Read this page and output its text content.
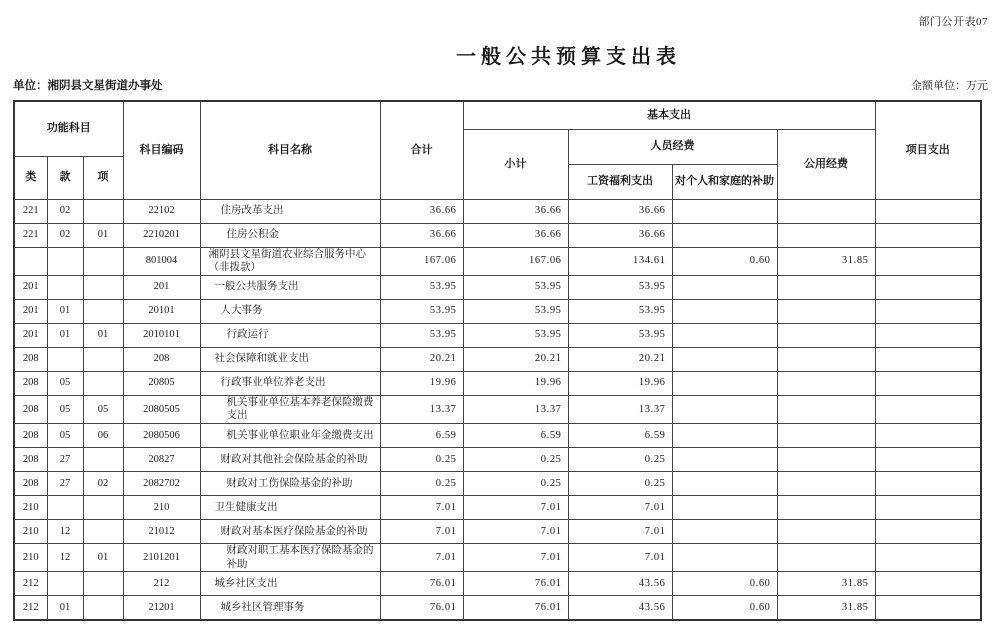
部门公开表07
一般公共预算支出表
单位：湘阴县文星街道办事处	金额单位：万元
功能科目			科目编码	科目名称	合计	基本支出				项目支出
						小计	人员经费		公用经费	
类	款	项								
							工资福利支出	对个人和家庭的补助		
221	02		22102	住房改革支出	36.66	36.66	36.66			
221	02	01	2210201	住房公积金	36.66	36.66	36.66			
			801004	湘阴县文星街道农业综合服务中心（非拨款）	167.06	167.06	134.61	0.60	31.85	
201			201	一般公共服务支出	53.95	53.95	53.95			
201	01		20101	人大事务	53.95	53.95	53.95			
201	01	01	2010101	行政运行	53.95	53.95	53.95			
208			208	社会保障和就业支出	20.21	20.21	20.21			
208	05		20805	行政事业单位养老支出	19.96	19.96	19.96			
208	05	05	2080505	机关事业单位基本养老保险缴费支出	13.37	13.37	13.37			
208	05	06	2080506	机关事业单位职业年金缴费支出	6.59	6.59	6.59			
208	27		20827	财政对其他社会保险基金的补助	0.25	0.25	0.25			
208	27	02	2082702	财政对工伤保险基金的补助	0.25	0.25	0.25			
210			210	卫生健康支出	7.01	7.01	7.01			
210	12		21012	财政对基本医疗保险基金的补助	7.01	7.01	7.01			
210	12	01	2101201	财政对职工基本医疗保险基金的补助	7.01	7.01	7.01			
212			212	城乡社区支出	76.01	76.01	43.56	0.60	31.85	
212	01		21201	城乡社区管理事务	76.01	76.01	43.56	0.60	31.85	
